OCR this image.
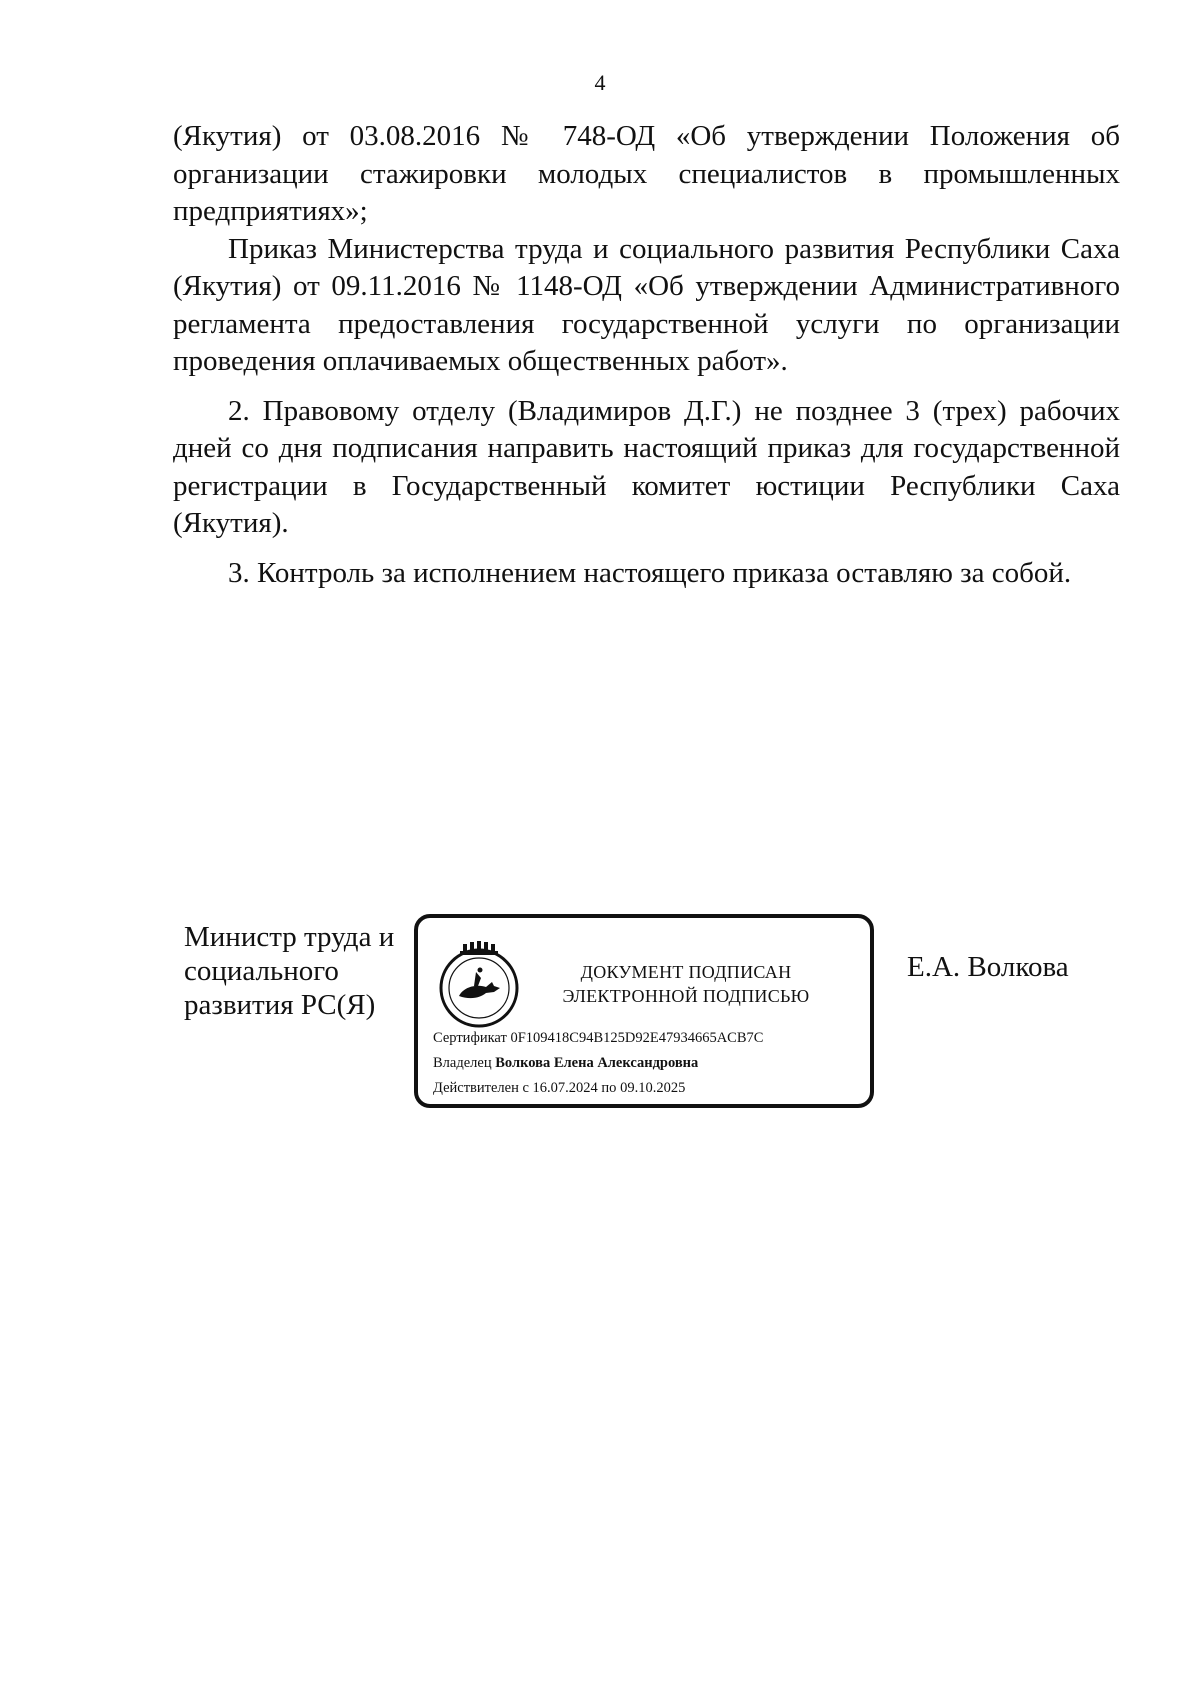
4

(Якутия) от 03.08.2016 № 748-ОД «Об утверждении Положения об организации стажировки молодых специалистов в промышленных предприятиях»;

Приказ Министерства труда и социального развития Республики Саха (Якутия) от 09.11.2016 № 1148-ОД «Об утверждении Административного регламента предоставления государственной услуги по организации проведения оплачиваемых общественных работ».

2. Правовому отделу (Владимиров Д.Г.) не позднее 3 (трех) рабочих дней со дня подписания направить настоящий приказ для государственной регистрации в Государственный комитет юстиции Республики Саха (Якутия).

3. Контроль за исполнением настоящего приказа оставляю за собой.

Министр труда и
социального
развития РС(Я)
ДОКУМЕНТ ПОДПИСАН
ЭЛЕКТРОННОЙ ПОДПИСЬЮ
Сертификат 0F109418C94B125D92E47934665ACB7C
Владелец Волкова Елена Александровна
Действителен с 16.07.2024 по 09.10.2025
Е.А. Волкова
